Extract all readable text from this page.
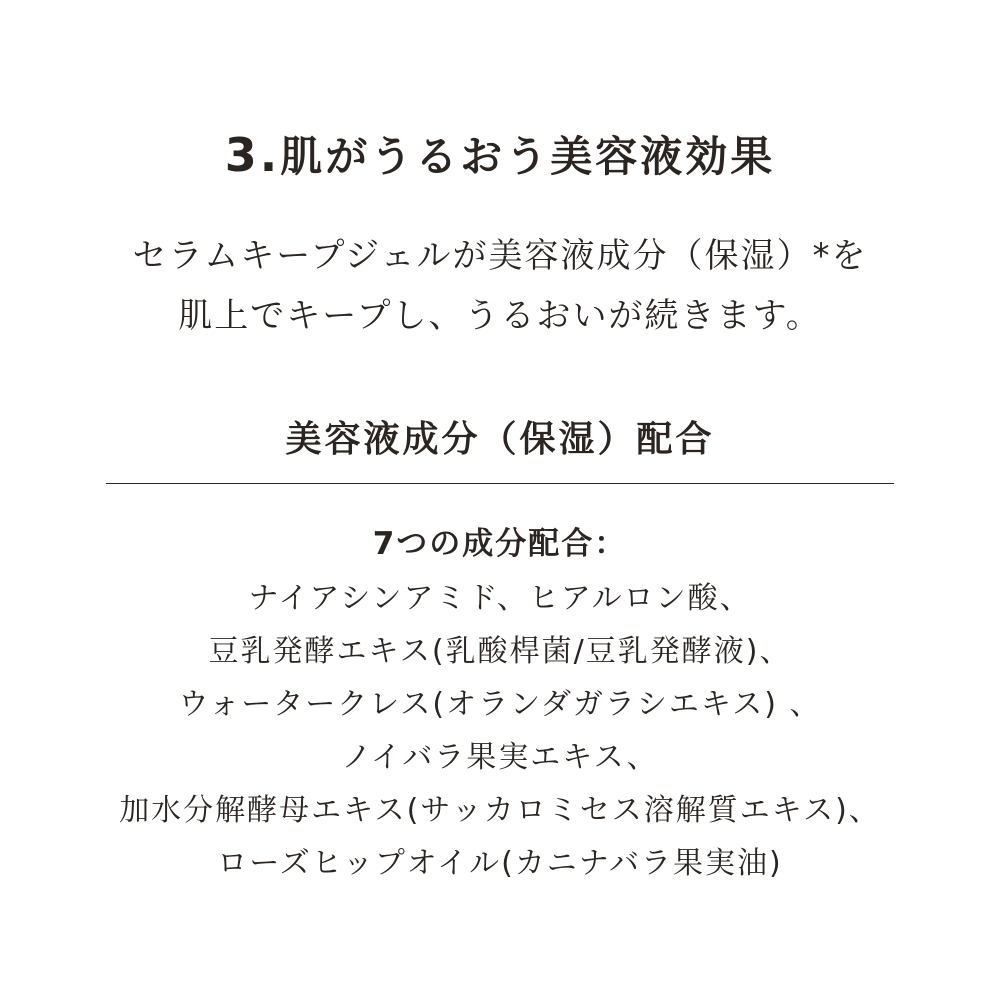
3.肌がうるおう美容液効果
セラムキープジェルが美容液成分（保湿）*を
肌上でキープし、うるおいが続きます。
美容液成分（保湿）配合
7つの成分配合：
ナイアシンアミド、ヒアルロン酸、
豆乳発酵エキス(乳酸桿菌/豆乳発酵液)、
ウォータークレス(オランダガラシエキス) 、
ノイバラ果実エキス、
加水分解酵母エキス(サッカロミセス溶解質エキス)、
ローズヒップオイル(カニナバラ果実油)
